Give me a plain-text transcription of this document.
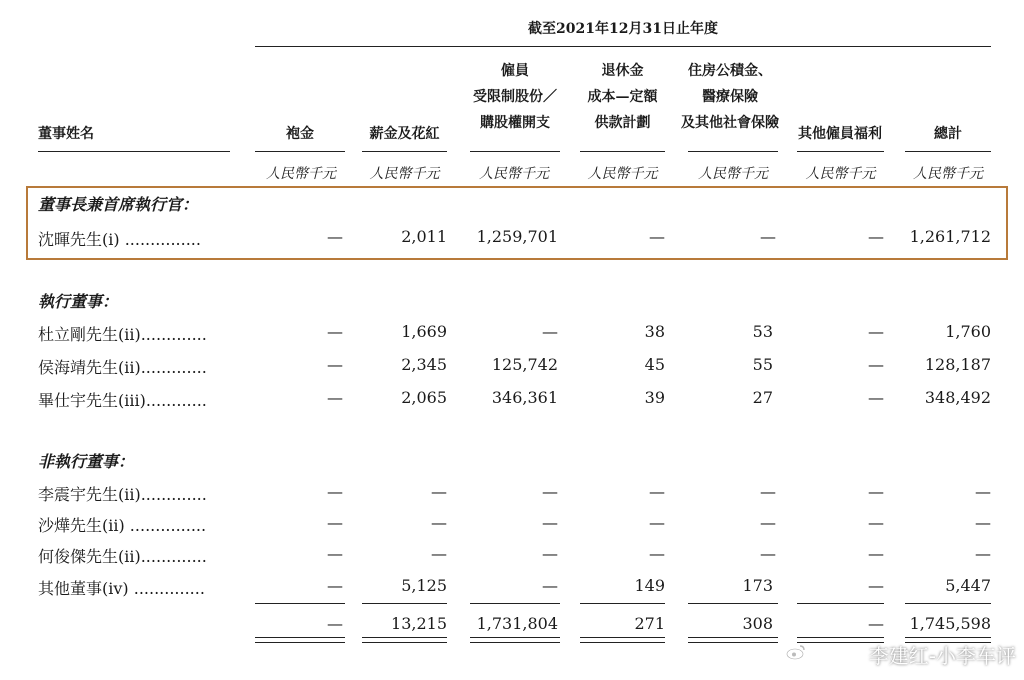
截至2021年12月31日止年度
董事姓名	袍金	薪金及花紅
僱員
受限制股份／
購股權開支
退休金
成本—定額
供款計劃
住房公積金、
醫療保險
及其他社會保險
其他僱員福利	總計
人民幣千元	人民幣千元	人民幣千元	人民幣千元	人民幣千元	人民幣千元	人民幣千元
董事長兼首席執行官：
沈暉先生(i) ...............	—	2,011	1,259,701	—	—	— 1,261,712
執行董事：
杜立剛先生(ii).............	—	1,669	—	38	53	—	1,760
侯海靖先生(ii).............	—	2,345	125,742	45	55	—	128,187
畢仕宇先生(iii)............	—	2,065	346,361	39	27	—	348,492
非執行董事：
李震宇先生(ii).............	—	—	—	—	—	—	—
沙燁先生(ii) ...............	—	—	—	—	—	—	—
何俊傑先生(ii).............	—	—	—	—	—	—	—
其他董事(iv) ..............	—	5,125	—	149	173	—	5,447
—	13,215	1,731,804	271	308	— 1,745,598
李建红-小李车评
